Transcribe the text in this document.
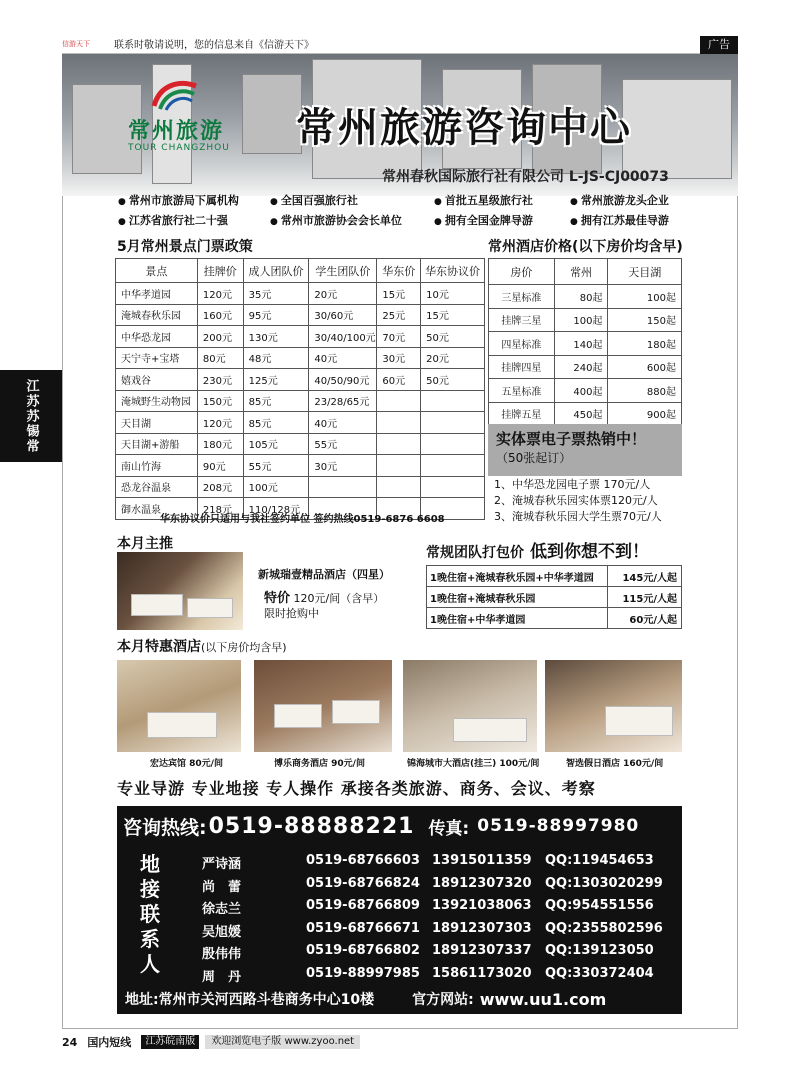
信游天下	联系时敬请说明，您的信息来自《信游天下》	广告
江苏苏锡常
常州旅游
TOUR CHANGZHOU 常州旅游咨询中心
常州春秋国际旅行社有限公司 L-JS-CJ00073
● 常州市旅游局下属机构	● 全国百强旅行社	● 首批五星级旅行社	● 常州旅游龙头企业
● 江苏省旅行社二十强	● 常州市旅游协会会长单位	● 拥有全国金牌导游	● 拥有江苏最佳导游
5月常州景点门票政策
景点	挂牌价	成人团队价	学生团队价	华东价	华东协议价
中华孝道园	120元	35元	20元	15元	10元
淹城春秋乐园	160元	95元	30/60元	25元	15元
中华恐龙园	200元	130元	30/40/100元	70元	50元
天宁寺+宝塔	80元	48元	40元	30元	20元
嬉戏谷	230元	125元	40/50/90元	60元	50元
淹城野生动物园	150元	85元	23/28/65元		
天目湖	120元	85元	40元		
天目湖+游船	180元	105元	55元		
南山竹海	90元	55元	30元		
恐龙谷温泉	208元	100元			
御水温泉	218元	110/128元			
华东协议价只适用与我社签约单位 签约热线0519-6876 6608
常州酒店价格(以下房价均含早)
房价	常州	天目湖
三星标准	80起	100起
挂牌三星	100起	150起
四星标准	140起	180起
挂牌四星	240起	600起
五星标准	400起	880起
挂牌五星	450起	900起
实体票电子票热销中！
（50张起订）
1、中华恐龙园电子票 170元/人
2、淹城春秋乐园实体票120元/人
3、淹城春秋乐园大学生票70元/人
本月主推
新城瑞壹精品酒店（四星）
特价 120元/间（含早）
限时抢购中
常规团队打包价 低到你想不到！
1晚住宿+淹城春秋乐园+中华孝道园	145元/人起
1晚住宿+淹城春秋乐园	115元/人起
1晚住宿+中华孝道园	60元/人起
本月特惠酒店(以下房价均含早)
宏达宾馆 80元/间	博乐商务酒店 90元/间	锦海城市大酒店(挂三) 100元/间	智选假日酒店 160元/间
专业导游 专业地接 专人操作 承接各类旅游、商务、会议、考察
咨询热线: 0519-88888221 传真: 0519-88997980
地接联系人
严诗涵	0519-68766603 13915011359 QQ:119454653
尚　蕾	0519-68766824 18912307320 QQ:1303020299
徐志兰	0519-68766809 13921038063 QQ:954551556
吴旭媛	0519-68766671 18912307303 QQ:2355802596
殷伟伟	0519-68766802 18912307337 QQ:139123050
周　丹	0519-88997985 15861173020 QQ:330372404
地址:常州市关河西路斗巷商务中心10楼	官方网站: www.uu1.com
24 国内短线	江苏皖南版	欢迎浏览电子版 www.zyoo.net
